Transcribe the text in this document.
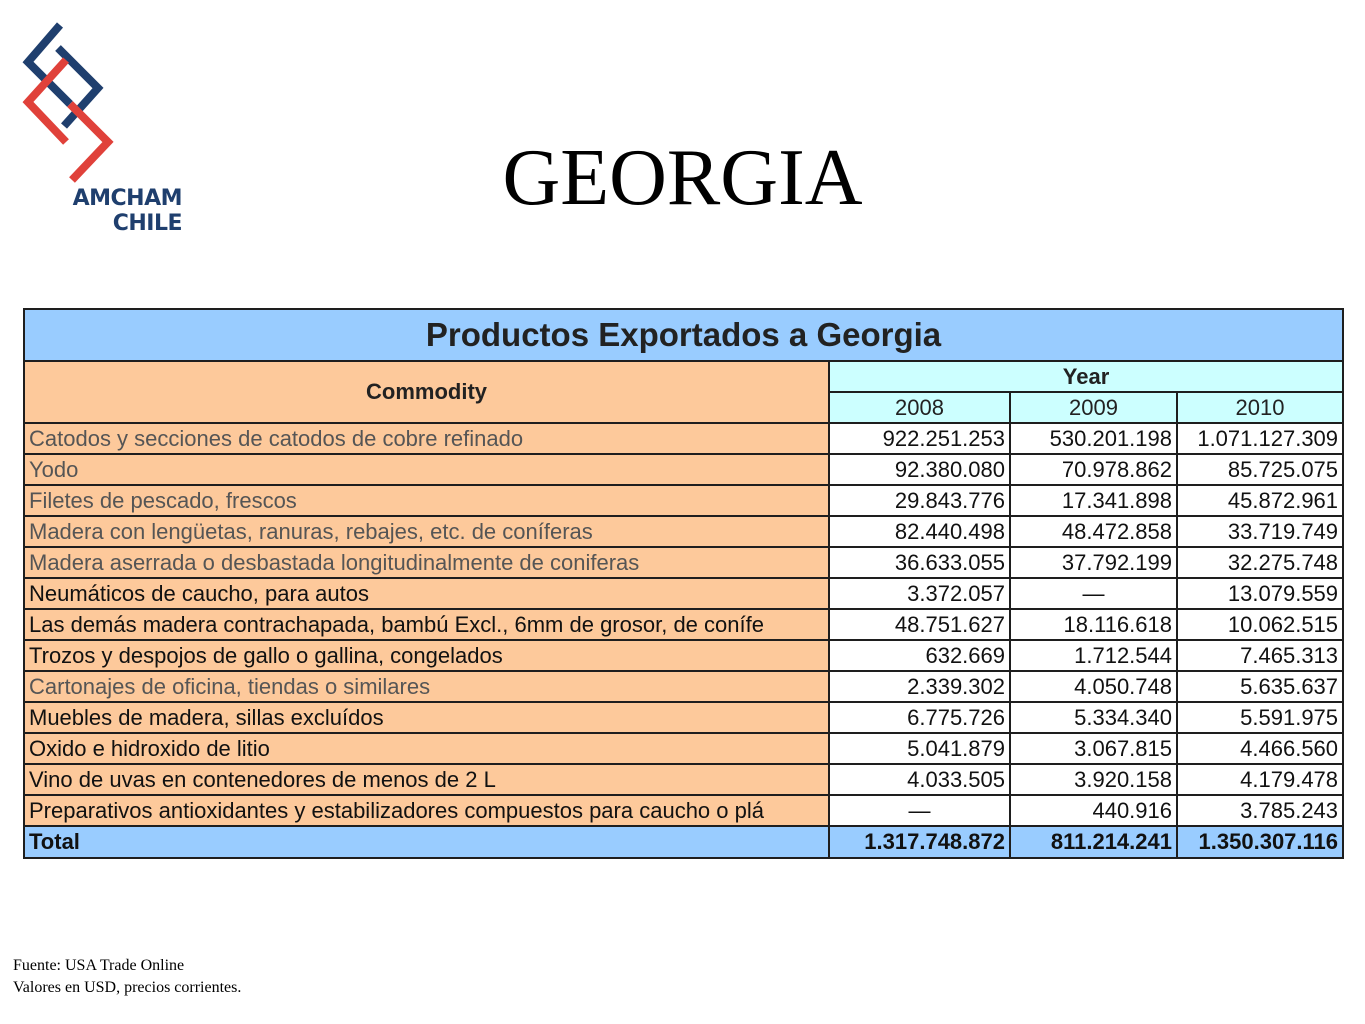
AMCHAM
CHILE
GEORGIA
Productos Exportados a Georgia			
Commodity	Year		
	2008	2009	2010
Catodos y secciones de catodos de cobre refinado	922.251.253	530.201.198	1.071.127.309
Yodo	92.380.080	70.978.862	85.725.075
Filetes de pescado, frescos	29.843.776	17.341.898	45.872.961
Madera con lengüetas, ranuras, rebajes, etc. de coníferas	82.440.498	48.472.858	33.719.749
Madera aserrada o desbastada longitudinalmente de coniferas	36.633.055	37.792.199	32.275.748
Neumáticos de caucho, para autos	3.372.057	—	13.079.559
Las demás madera contrachapada, bambú Excl., 6mm de grosor, de conífe	48.751.627	18.116.618	10.062.515
Trozos y despojos de gallo o gallina, congelados	632.669	1.712.544	7.465.313
Cartonajes de oficina, tiendas o similares	2.339.302	4.050.748	5.635.637
Muebles de madera, sillas excluídos	6.775.726	5.334.340	5.591.975
Oxido e hidroxido de litio	5.041.879	3.067.815	4.466.560
Vino de uvas en contenedores de menos de 2 L	4.033.505	3.920.158	4.179.478
Preparativos antioxidantes y estabilizadores compuestos para caucho o plá	—	440.916	3.785.243
Total	1.317.748.872	811.214.241	1.350.307.116
Fuente: USA Trade Online
Valores en USD, precios corrientes.
